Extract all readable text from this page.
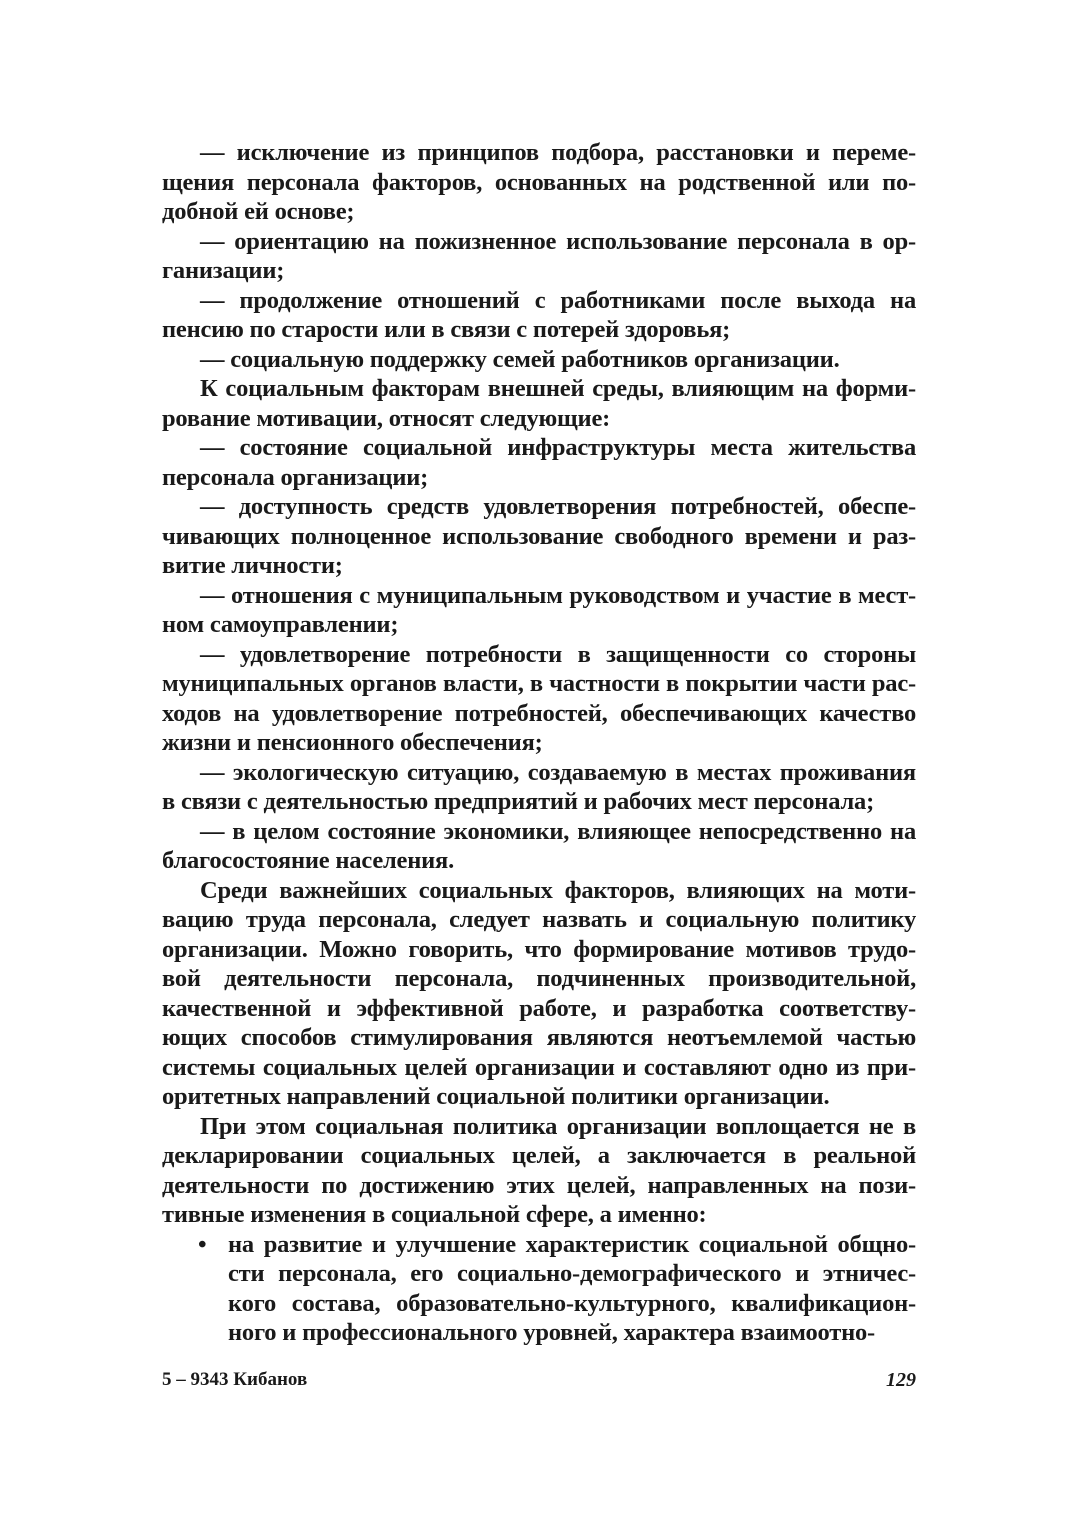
— исключение из принципов подбора, расстановки и переме-щения персонала факторов, основанных на родственной или по-добной ей основе;

— ориентацию на пожизненное использование персонала в ор-ганизации;

— продолжение отношений с работниками после выхода на пенсию по старости или в связи с потерей здоровья;

— социальную поддержку семей работников организации.

К социальным факторам внешней среды, влияющим на форми-рование мотивации, относят следующие:

— состояние социальной инфраструктуры места жительства персонала организации;

— доступность средств удовлетворения потребностей, обеспе-чивающих полноценное использование свободного времени и раз-витие личности;

— отношения с муниципальным руководством и участие в мест-ном самоуправлении;

— удовлетворение потребности в защищенности со стороны муниципальных органов власти, в частности в покрытии части рас-ходов на удовлетворение потребностей, обеспечивающих качество жизни и пенсионного обеспечения;

— экологическую ситуацию, создаваемую в местах проживания в связи с деятельностью предприятий и рабочих мест персонала;

— в целом состояние экономики, влияющее непосредственно на благосостояние населения.

Среди важнейших социальных факторов, влияющих на моти-вацию труда персонала, следует назвать и социальную политику организации. Можно говорить, что формирование мотивов трудо-вой деятельности персонала, подчиненных производительной, качественной и эффективной работе, и разработка соответству-ющих способов стимулирования являются неотъемлемой частью системы социальных целей организации и составляют одно из при-оритетных направлений социальной политики организации.

При этом социальная политика организации воплощается не в декларировании социальных целей, а заключается в реальной деятельности по достижению этих целей, направленных на пози-тивные изменения в социальной сфере, а именно:

• на развитие и улучшение характеристик социальной общно-сти персонала, его социально-демографического и этничес-кого состава, образовательно-культурного, квалификацион-ного и профессионального уровней, характера взаимоотно-
5 – 9343 Кибанов	129
